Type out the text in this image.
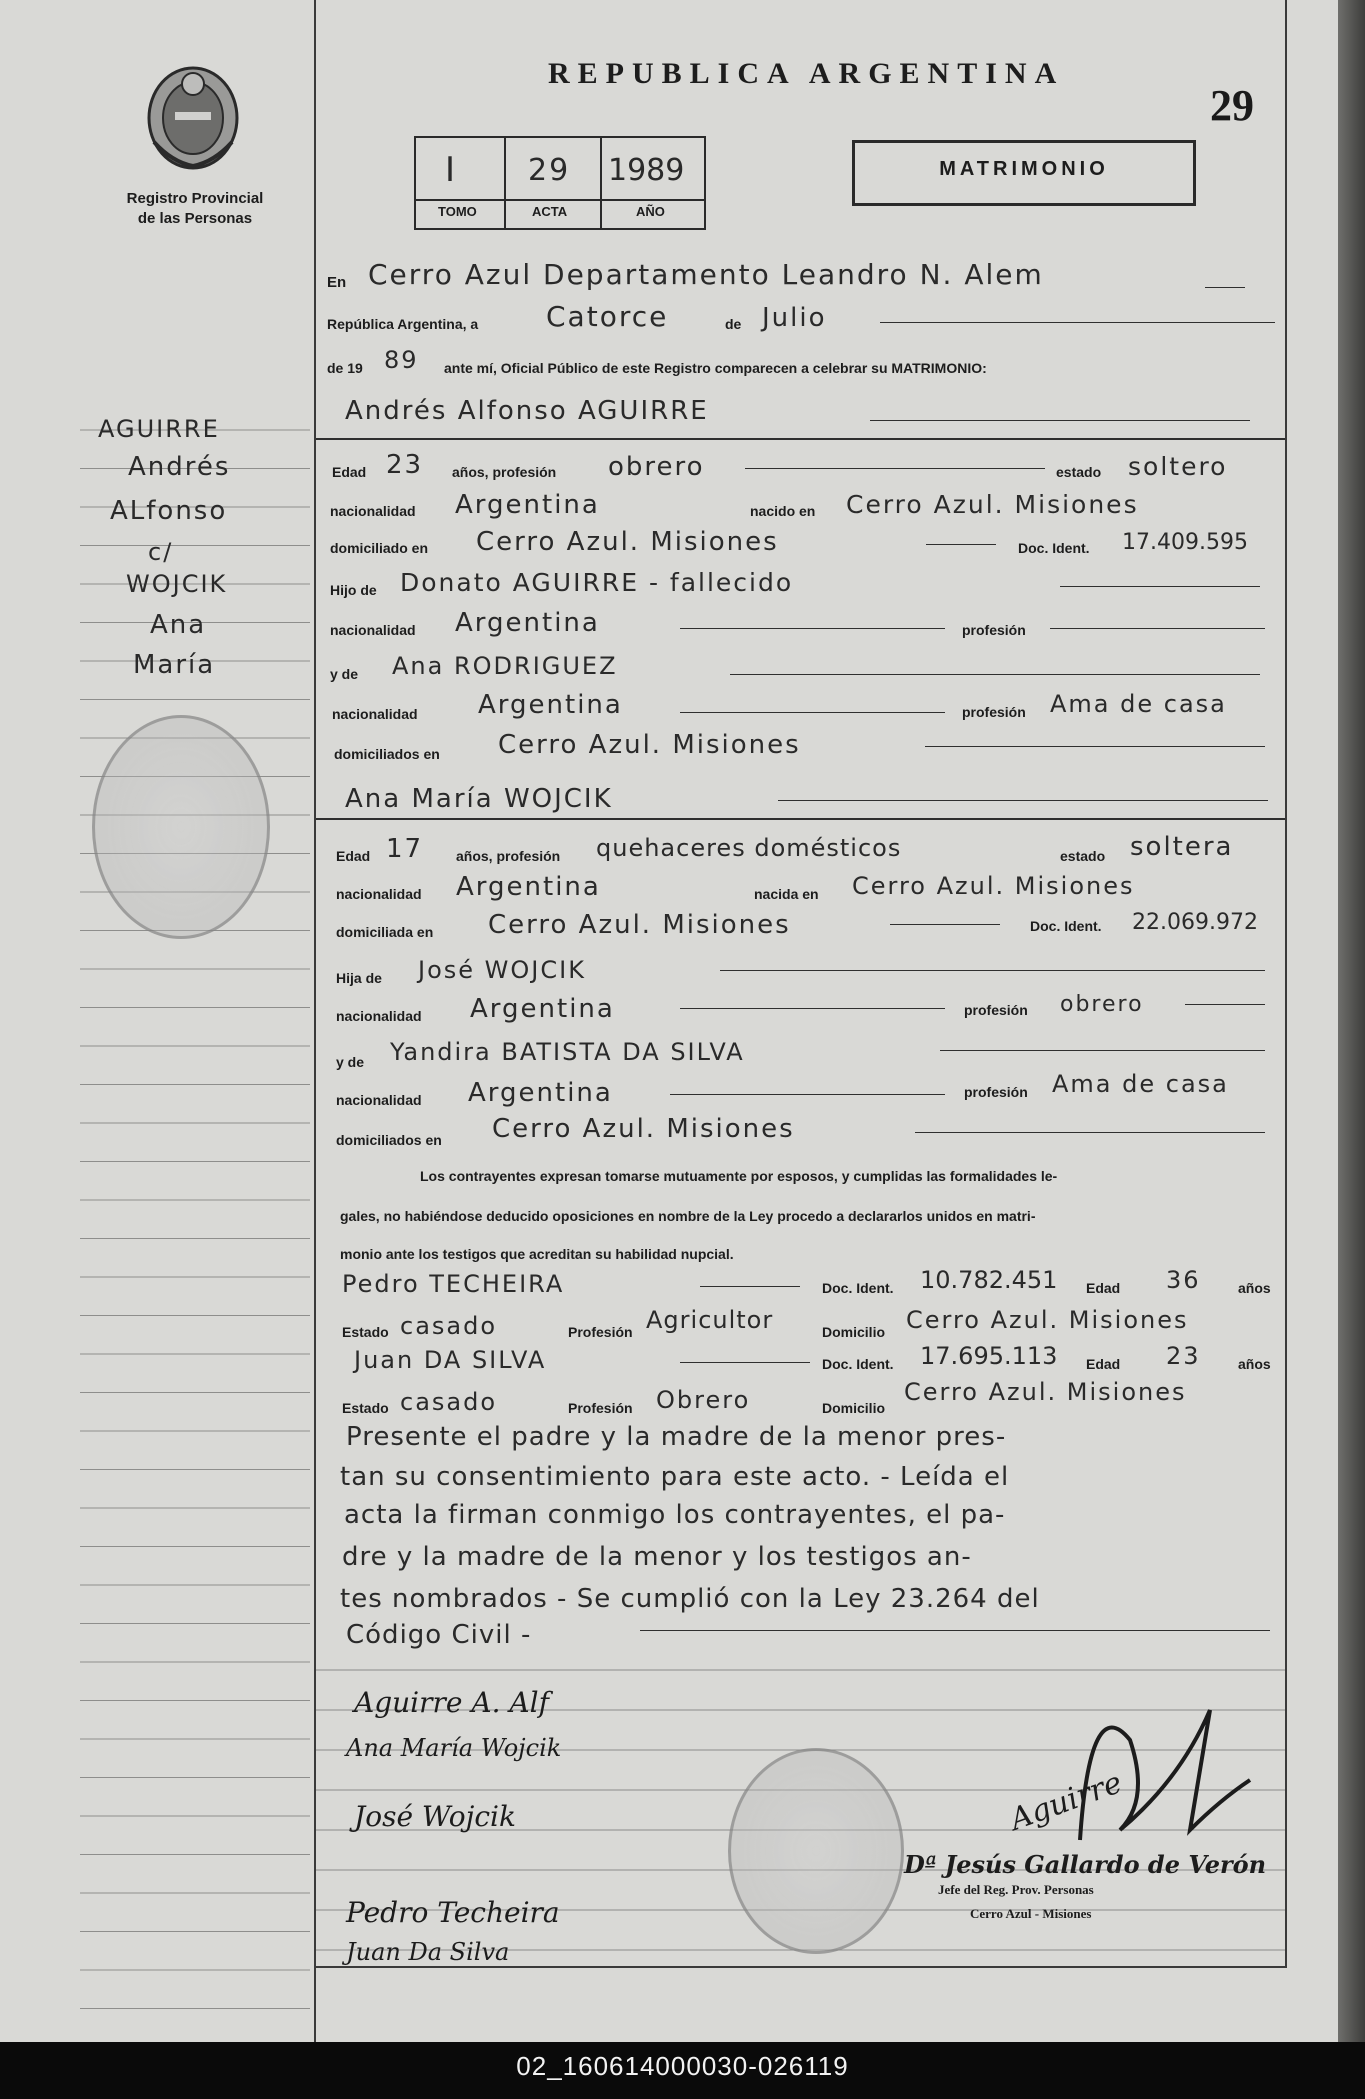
Registro Provincial
de las Personas
AGUIRRE
Andrés
ALfonso
c/
WOJCIK
Ana
María
REPUBLICA ARGENTINA
29
I 29 1989
TOMO	ACTA	AÑO
MATRIMONIO
En Cerro Azul Departamento Leandro N. Alem
República Argentina, a Catorce	de Julio
de 19 89 ante mí, Oficial Público de este Registro comparecen a celebrar su MATRIMONIO:
Andrés Alfonso AGUIRRE
Edad 23 años, profesión obrero	estado soltero
nacionalidad Argentina	nacido en Cerro Azul. Misiones
domiciliado en Cerro Azul. Misiones	Doc. Ident. 17.409.595
Hijo de Donato AGUIRRE - fallecido
nacionalidad Argentina	profesión
y de Ana RODRIGUEZ
nacionalidad Argentina	profesión Ama de casa
domiciliados en Cerro Azul. Misiones
Ana María WOJCIK
Edad 17 años, profesión quehaceres domésticos	estado soltera
nacionalidad Argentina	nacida en Cerro Azul. Misiones
domiciliada en Cerro Azul. Misiones	Doc. Ident. 22.069.972
Hija de José WOJCIK
nacionalidad Argentina	profesión obrero
y de Yandira BATISTA DA SILVA
nacionalidad Argentina	profesión Ama de casa
domiciliados en Cerro Azul. Misiones
Los contrayentes expresan tomarse mutuamente por esposos, y cumplidas las formalidades le-
gales, no habiéndose deducido oposiciones en nombre de la Ley procedo a declararlos unidos en matri-
monio ante los testigos que acreditan su habilidad nupcial.
Pedro TECHEIRA	Doc. Ident. 10.782.451 Edad 36	años
Estado casado	Profesión Agricultor	Domicilio Cerro Azul. Misiones
Juan DA SILVA	Doc. Ident. 17.695.113 Edad 23	años
Estado casado	Profesión Obrero	Domicilio
Cerro Azul. Misiones
Presente el padre y la madre de la menor pres-
tan su consentimiento para este acto. - Leída el
acta la firman conmigo los contrayentes, el pa-
dre y la madre de la menor y los testigos an-
tes nombrados - Se cumplió con la Ley 23.264 del
Código Civil -
Aguirre A. Alf
Ana María Wojcik
José Wojcik
Pedro Techeira
Juan Da Silva
Aguirre
Dª Jesús Gallardo de Verón
Jefe del Reg. Prov. Personas
Cerro Azul - Misiones
02_160614000030-026119
